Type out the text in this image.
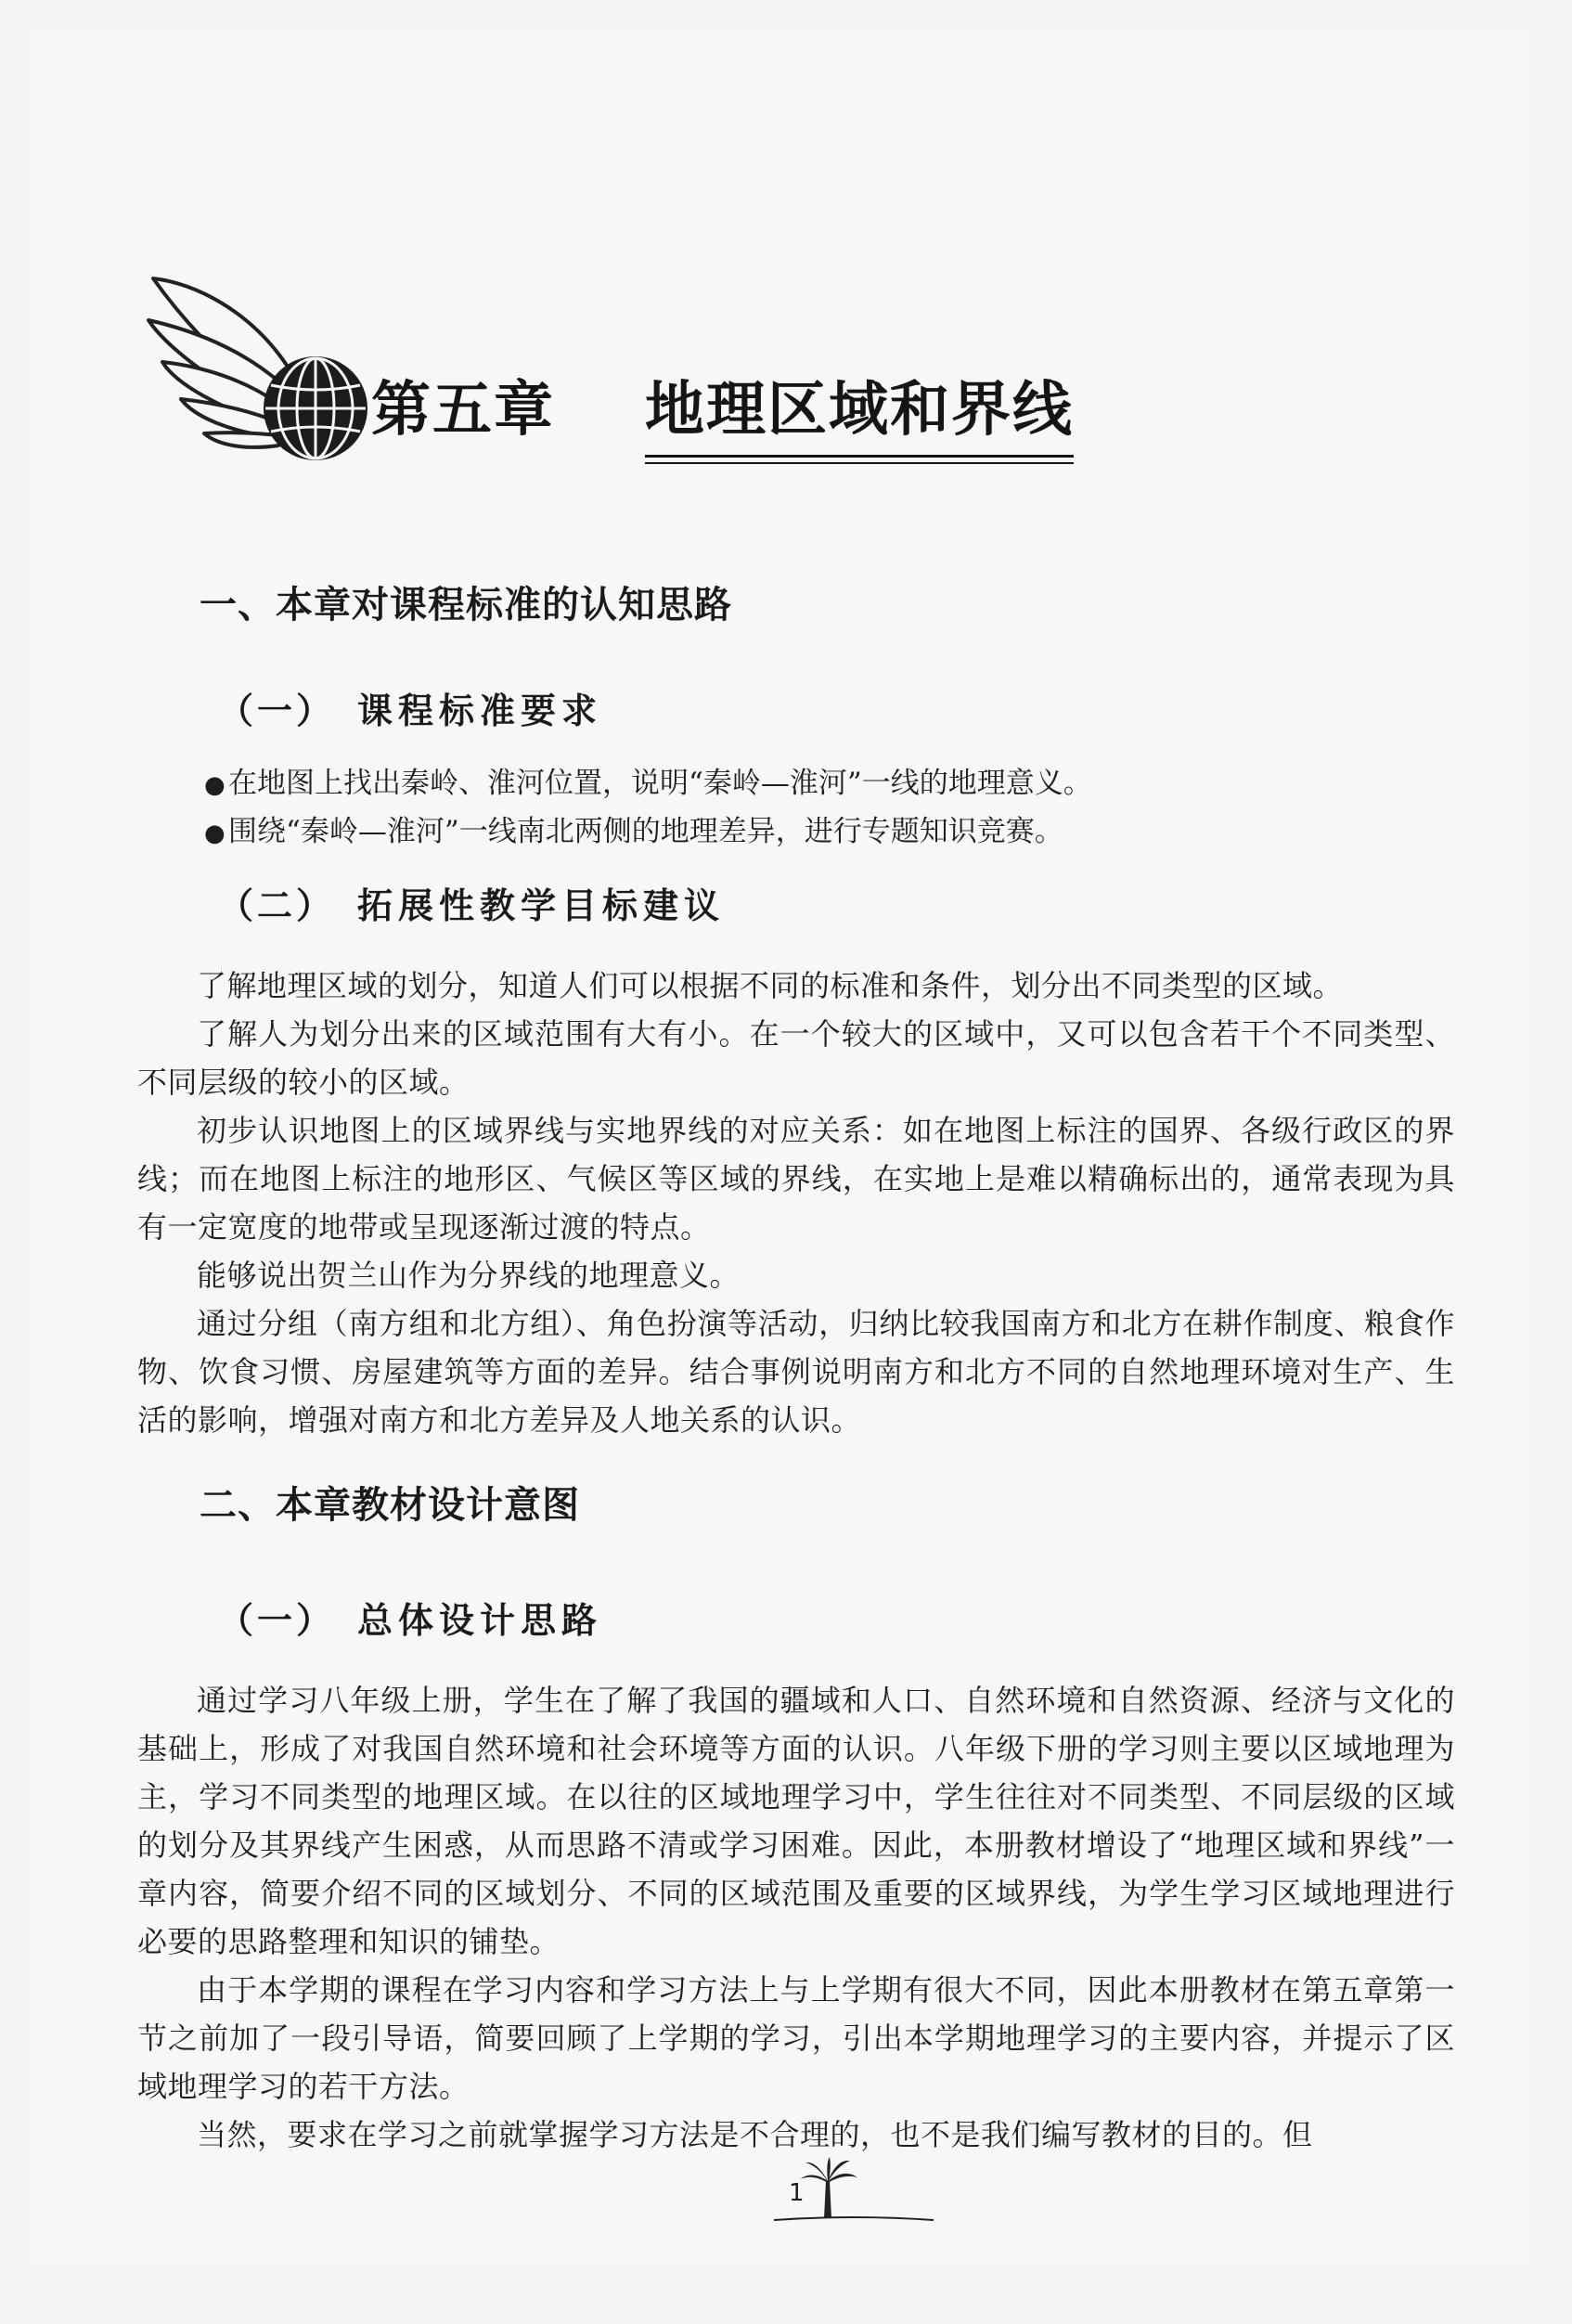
第五章 地理区域和界线
一、本章对课程标准的认知思路
（一） 课程标准要求
● 在地图上找出秦岭、淮河位置，说明“秦岭—淮河”一线的地理意义。
● 围绕“秦岭—淮河”一线南北两侧的地理差异，进行专题知识竞赛。
（二） 拓展性教学目标建议

了解地理区域的划分，知道人们可以根据不同的标准和条件，划分出不同类型的区域。

了解人为划分出来的区域范围有大有小。在一个较大的区域中，又可以包含若干个不同类型、不同层级的较小的区域。

初步认识地图上的区域界线与实地界线的对应关系：如在地图上标注的国界、各级行政区的界线；而在地图上标注的地形区、气候区等区域的界线，在实地上是难以精确标出的，通常表现为具有一定宽度的地带或呈现逐渐过渡的特点。

能够说出贺兰山作为分界线的地理意义。

通过分组（南方组和北方组）、角色扮演等活动，归纳比较我国南方和北方在耕作制度、粮食作物、饮食习惯、房屋建筑等方面的差异。结合事例说明南方和北方不同的自然地理环境对生产、生活的影响，增强对南方和北方差异及人地关系的认识。

二、本章教材设计意图
（一） 总体设计思路

通过学习八年级上册，学生在了解了我国的疆域和人口、自然环境和自然资源、经济与文化的基础上，形成了对我国自然环境和社会环境等方面的认识。八年级下册的学习则主要以区域地理为主，学习不同类型的地理区域。在以往的区域地理学习中，学生往往对不同类型、不同层级的区域的划分及其界线产生困惑，从而思路不清或学习困难。因此，本册教材增设了“地理区域和界线”一章内容，简要介绍不同的区域划分、不同的区域范围及重要的区域界线，为学生学习区域地理进行必要的思路整理和知识的铺垫。

由于本学期的课程在学习内容和学习方法上与上学期有很大不同，因此本册教材在第五章第一节之前加了一段引导语，简要回顾了上学期的学习，引出本学期地理学习的主要内容，并提示了区域地理学习的若干方法。

当然，要求在学习之前就掌握学习方法是不合理的，也不是我们编写教材的目的。但

1
